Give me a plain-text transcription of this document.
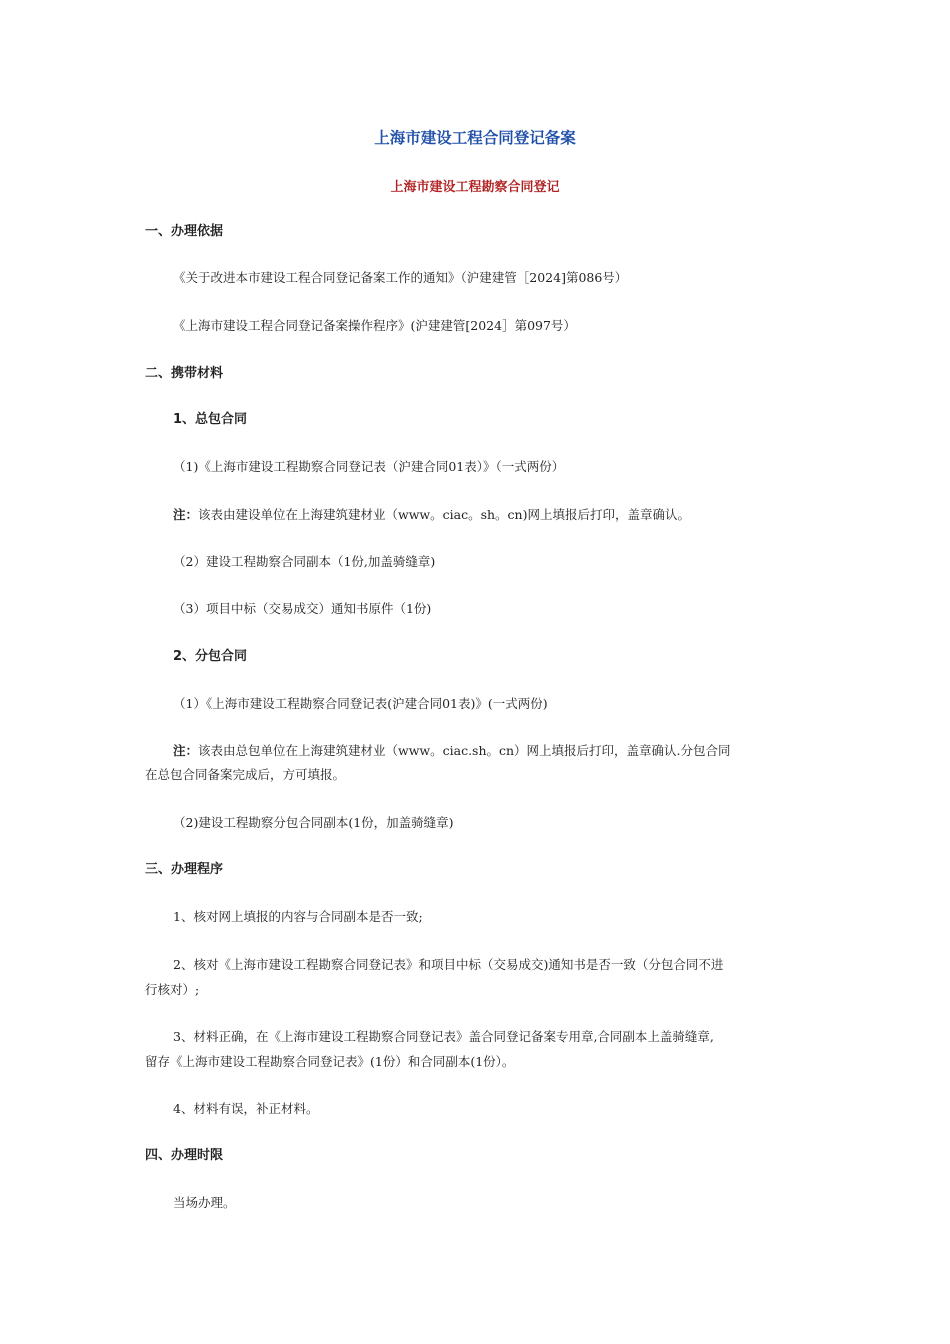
上海市建设工程合同登记备案
上海市建设工程勘察合同登记
一、办理依据
《关于改进本市建设工程合同登记备案工作的通知》（沪建建管［2024]第086号）
《上海市建设工程合同登记备案操作程序》(沪建建管[2024］第097号）
二、携带材料
1、总包合同
（1)《上海市建设工程勘察合同登记表（沪建合同01表）》（一式两份）
注：该表由建设单位在上海建筑建材业（www。ciac。sh。cn)网上填报后打印，盖章确认。
（2）建设工程勘察合同副本（1份,加盖骑缝章)
（3）项目中标（交易成交）通知书原件（1份)
2、分包合同
（1）《上海市建设工程勘察合同登记表(沪建合同01表)》(一式两份)
注：该表由总包单位在上海建筑建材业（www。ciac.sh。cn）网上填报后打印，盖章确认.分包合同
在总包合同备案完成后，方可填报。
（2)建设工程勘察分包合同副本(1份，加盖骑缝章)
三、办理程序
1、核对网上填报的内容与合同副本是否一致;
2、核对《上海市建设工程勘察合同登记表》和项目中标（交易成交)通知书是否一致（分包合同不进
行核对）;
3、材料正确，在《上海市建设工程勘察合同登记表》盖合同登记备案专用章,合同副本上盖骑缝章,
留存《上海市建设工程勘察合同登记表》(1份）和合同副本(1份）。
4、材料有误，补正材料。
四、办理时限
当场办理。
